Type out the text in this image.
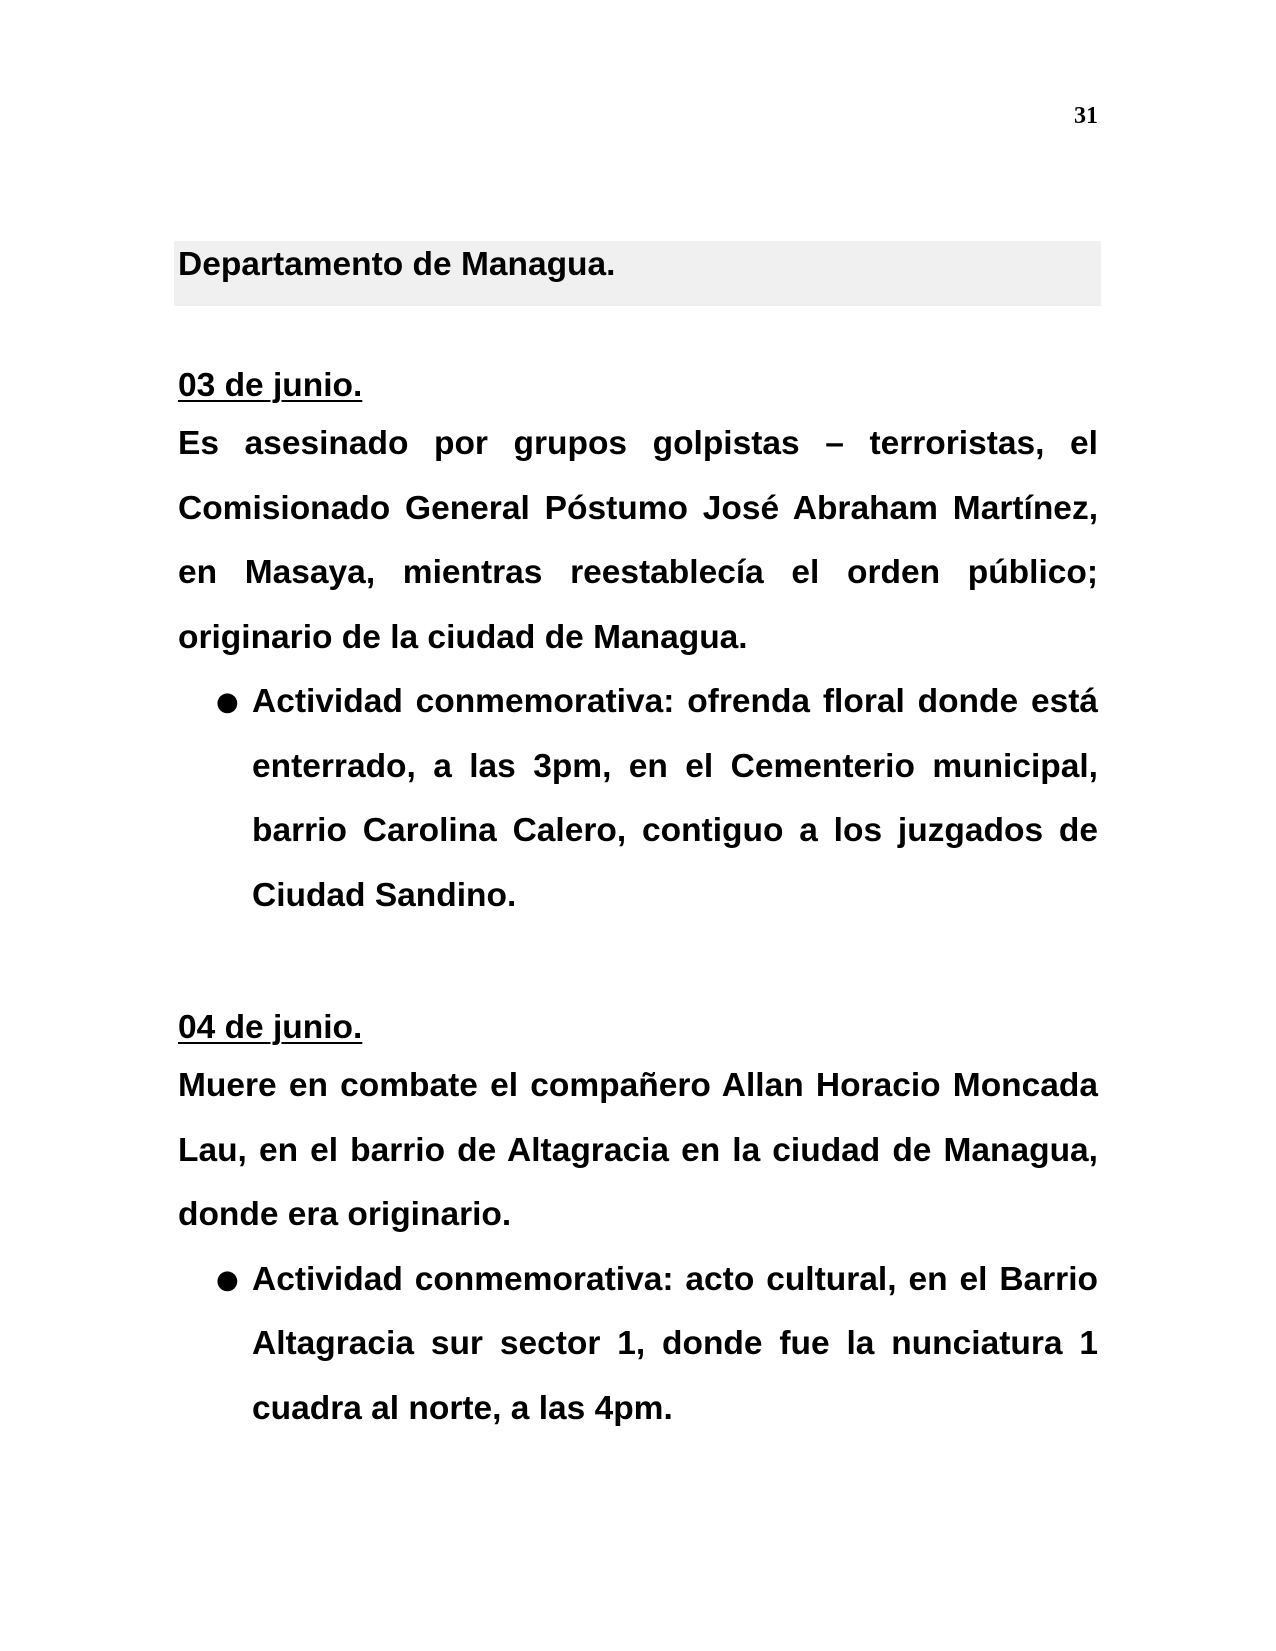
31
Departamento de Managua.
03 de junio.
Es asesinado por grupos golpistas – terroristas, el Comisionado General Póstumo José Abraham Martínez, en Masaya, mientras reestablecía el orden público; originario de la ciudad de Managua.
● Actividad conmemorativa: ofrenda floral donde está enterrado, a las 3pm, en el Cementerio municipal, barrio Carolina Calero, contiguo a los juzgados de Ciudad Sandino.
04 de junio.
Muere en combate el compañero Allan Horacio Moncada Lau, en el barrio de Altagracia en la ciudad de Managua, donde era originario.
● Actividad conmemorativa: acto cultural, en el Barrio Altagracia sur sector 1, donde fue la nunciatura 1 cuadra al norte, a las 4pm.
